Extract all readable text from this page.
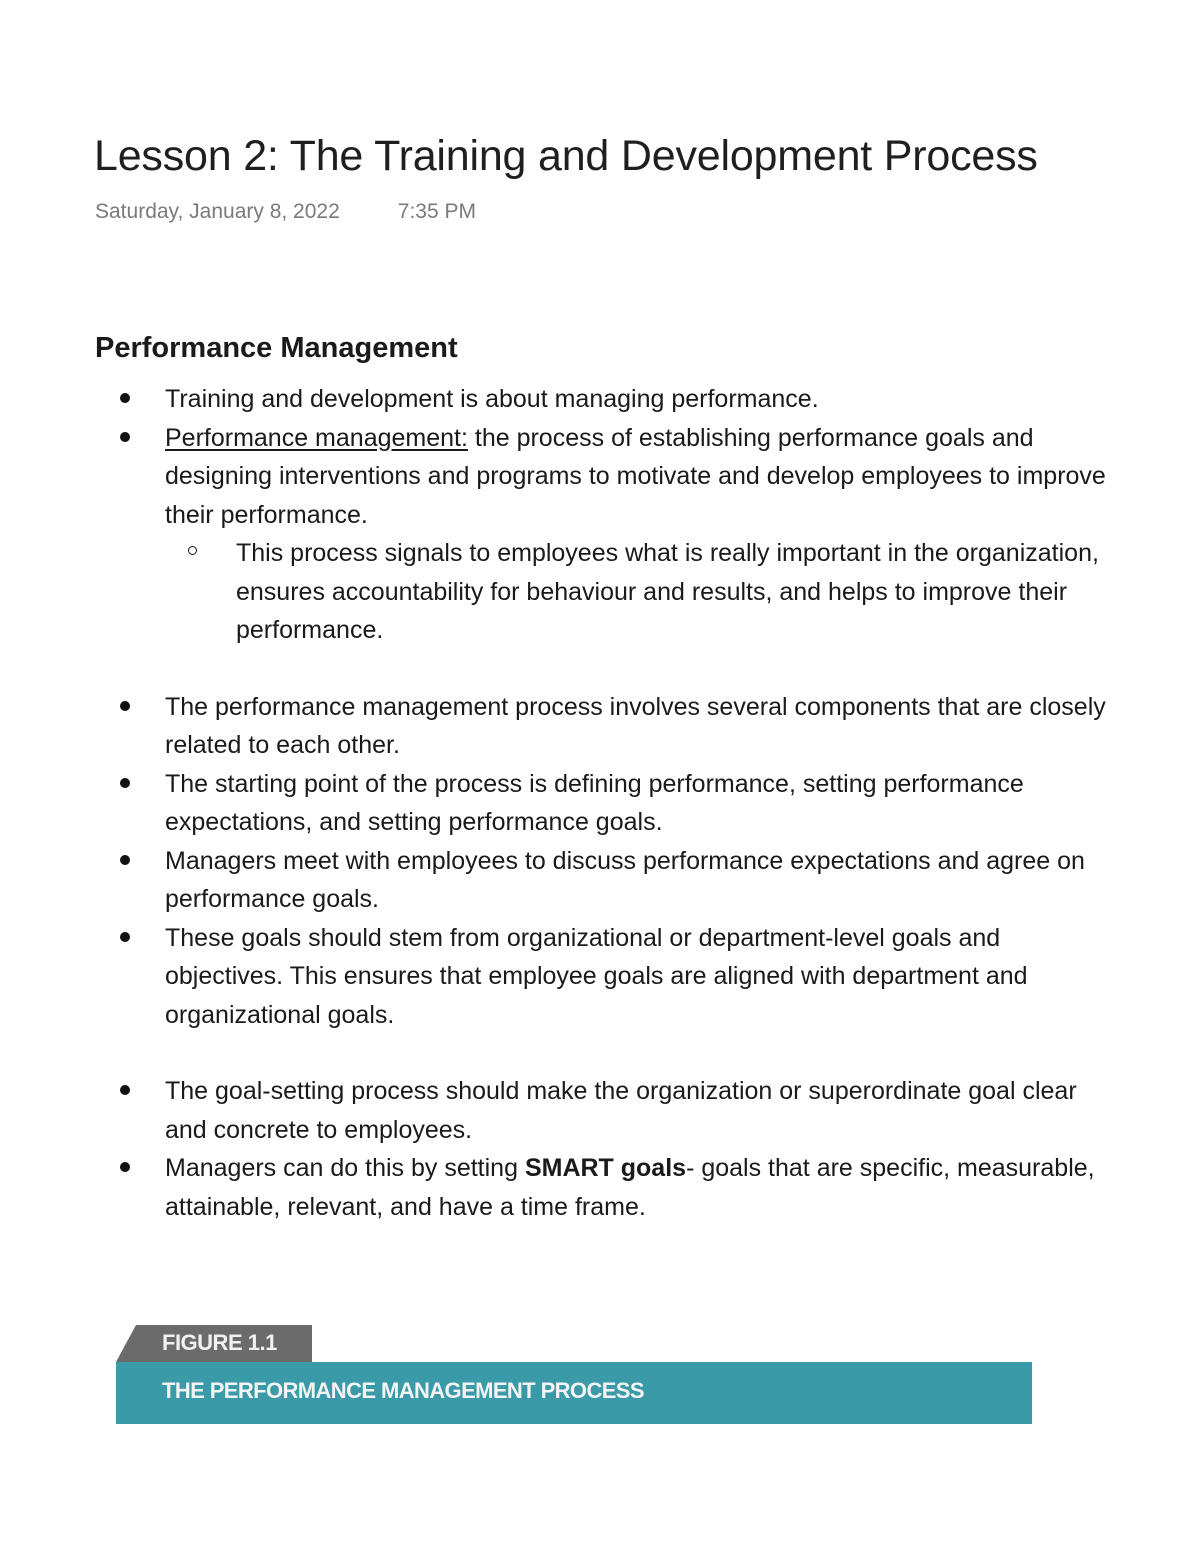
Lesson 2: The Training and Development Process
Saturday, January 8, 2022	7:35 PM
Performance Management
Training and development is about managing performance.
Performance management: the process of establishing performance goals and designing interventions and programs to motivate and develop employees to improve their performance.
This process signals to employees what is really important in the organization, ensures accountability for behaviour and results, and helps to improve their performance.
The performance management process involves several components that are closely related to each other.
The starting point of the process is defining performance, setting performance expectations, and setting performance goals.
Managers meet with employees to discuss performance expectations and agree on performance goals.
These goals should stem from organizational or department-level goals and objectives. This ensures that employee goals are aligned with department and organizational goals.
The goal-setting process should make the organization or superordinate goal clear and concrete to employees.
Managers can do this by setting SMART goals- goals that are specific, measurable, attainable, relevant, and have a time frame.
FIGURE 1.1
THE PERFORMANCE MANAGEMENT PROCESS
